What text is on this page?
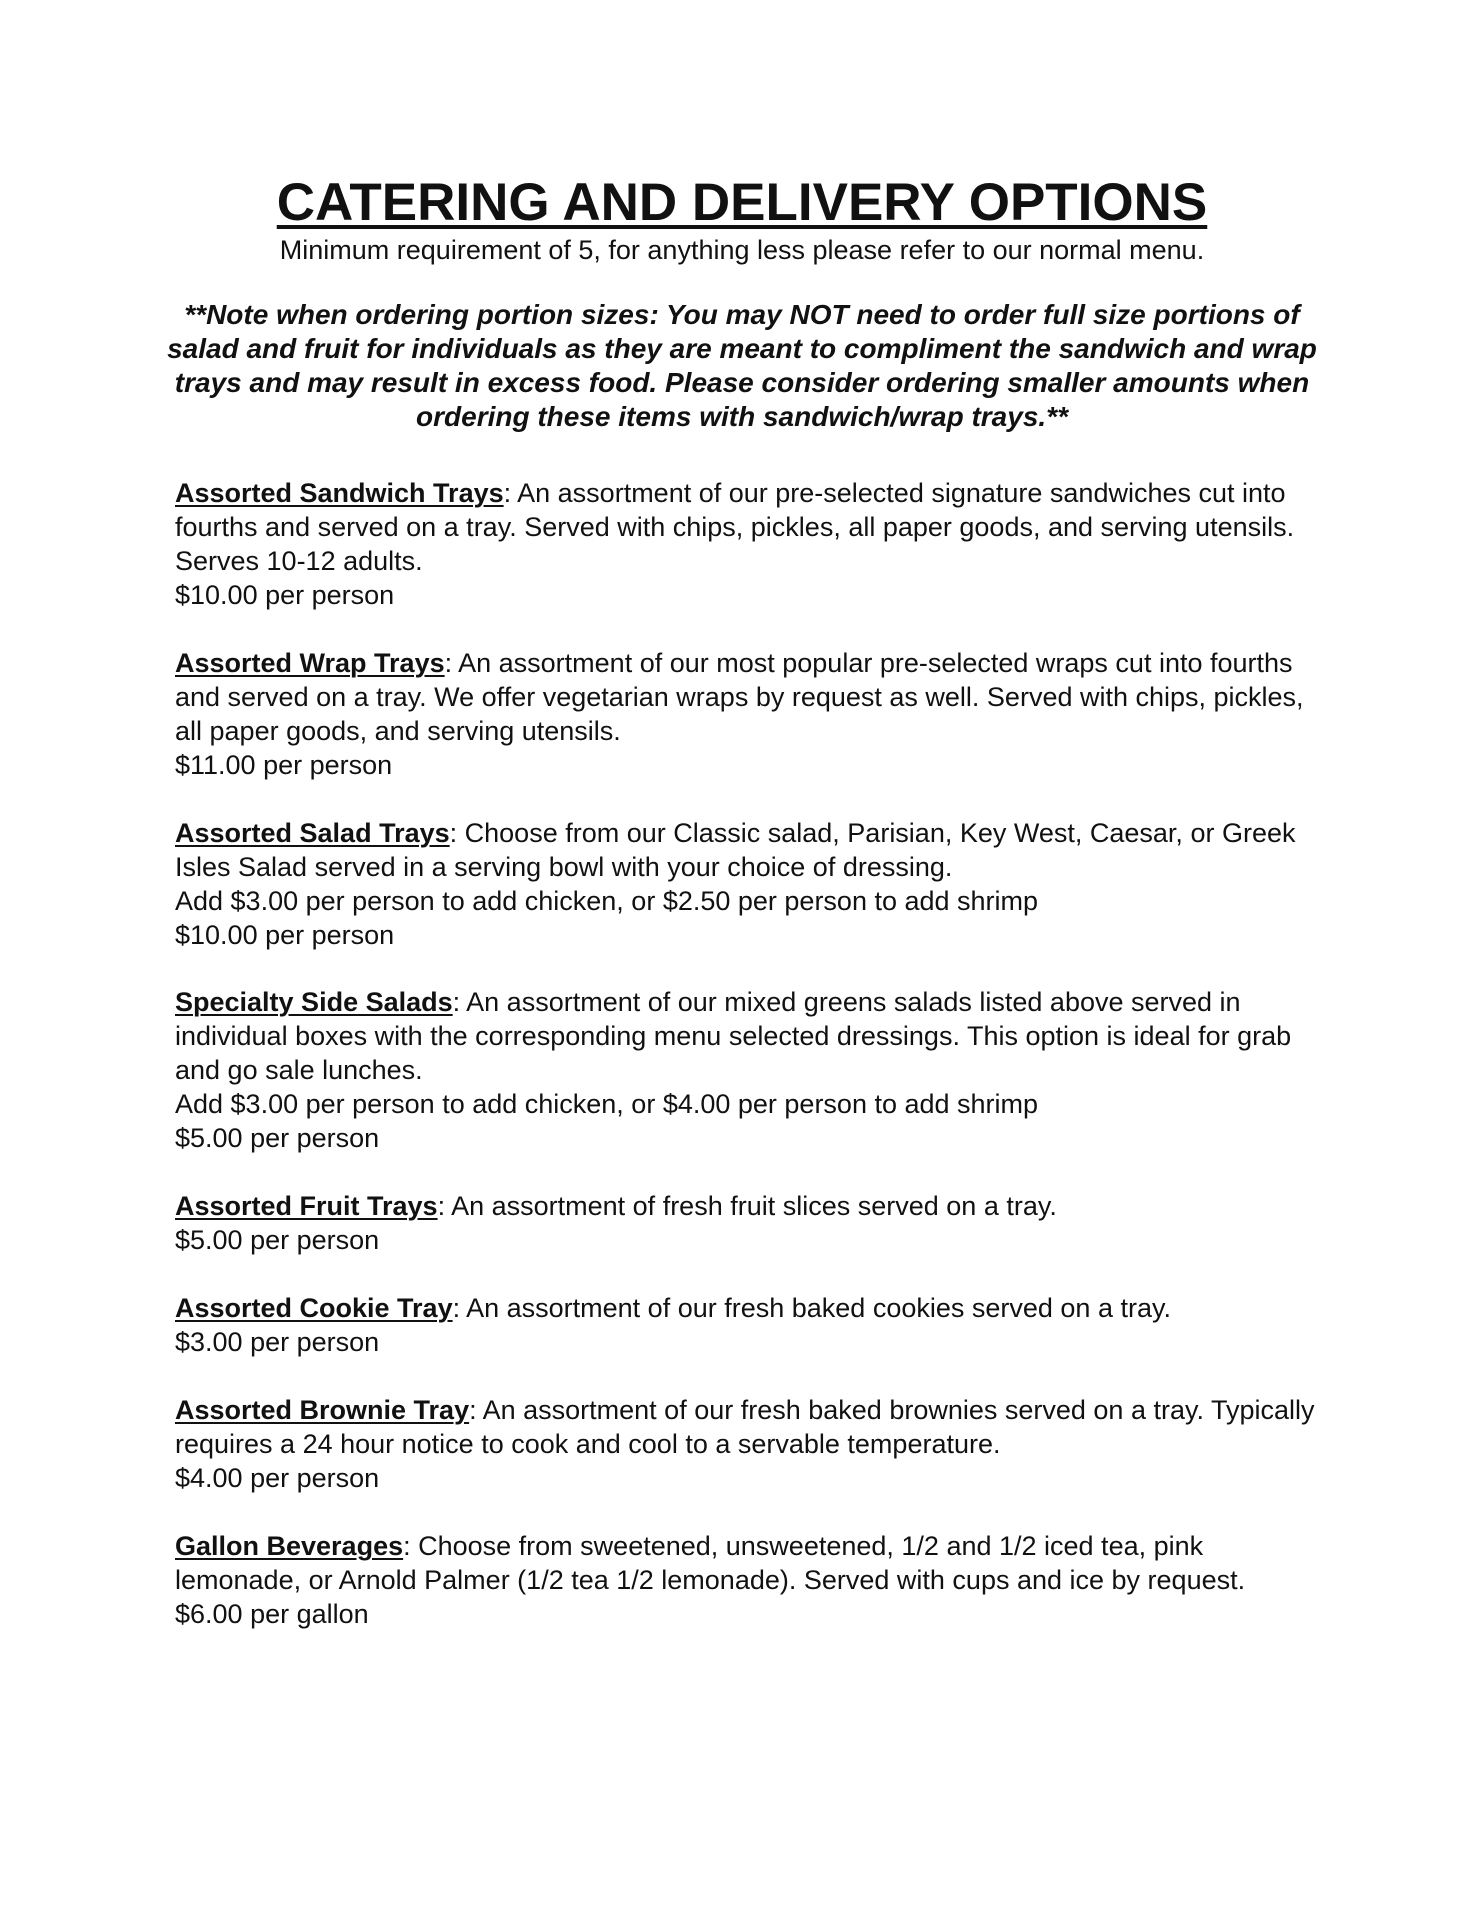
CATERING AND DELIVERY OPTIONS

Minimum requirement of 5, for anything less please refer to our normal menu.

**Note when ordering portion sizes: You may NOT need to order full size portions of salad and fruit for individuals as they are meant to compliment the sandwich and wrap trays and may result in excess food. Please consider ordering smaller amounts when ordering these items with sandwich/wrap trays.**

Assorted Sandwich Trays: An assortment of our pre-selected signature sandwiches cut into fourths and served on a tray. Served with chips, pickles, all paper goods, and serving utensils. Serves 10-12 adults.
$10.00 per person
Assorted Wrap Trays: An assortment of our most popular pre-selected wraps cut into fourths and served on a tray. We offer vegetarian wraps by request as well. Served with chips, pickles, all paper goods, and serving utensils.
$11.00 per person
Assorted Salad Trays: Choose from our Classic salad, Parisian, Key West, Caesar, or Greek Isles Salad served in a serving bowl with your choice of dressing.
Add $3.00 per person to add chicken, or $2.50 per person to add shrimp
$10.00 per person
Specialty Side Salads: An assortment of our mixed greens salads listed above served in individual boxes with the corresponding menu selected dressings. This option is ideal for grab and go sale lunches.
Add $3.00 per person to add chicken, or $4.00 per person to add shrimp
$5.00 per person
Assorted Fruit Trays: An assortment of fresh fruit slices served on a tray.
$5.00 per person
Assorted Cookie Tray: An assortment of our fresh baked cookies served on a tray.
$3.00 per person
Assorted Brownie Tray: An assortment of our fresh baked brownies served on a tray. Typically requires a 24 hour notice to cook and cool to a servable temperature.
$4.00 per person
Gallon Beverages: Choose from sweetened, unsweetened, 1/2 and 1/2 iced tea, pink lemonade, or Arnold Palmer (1/2 tea 1/2 lemonade). Served with cups and ice by request.
$6.00 per gallon
